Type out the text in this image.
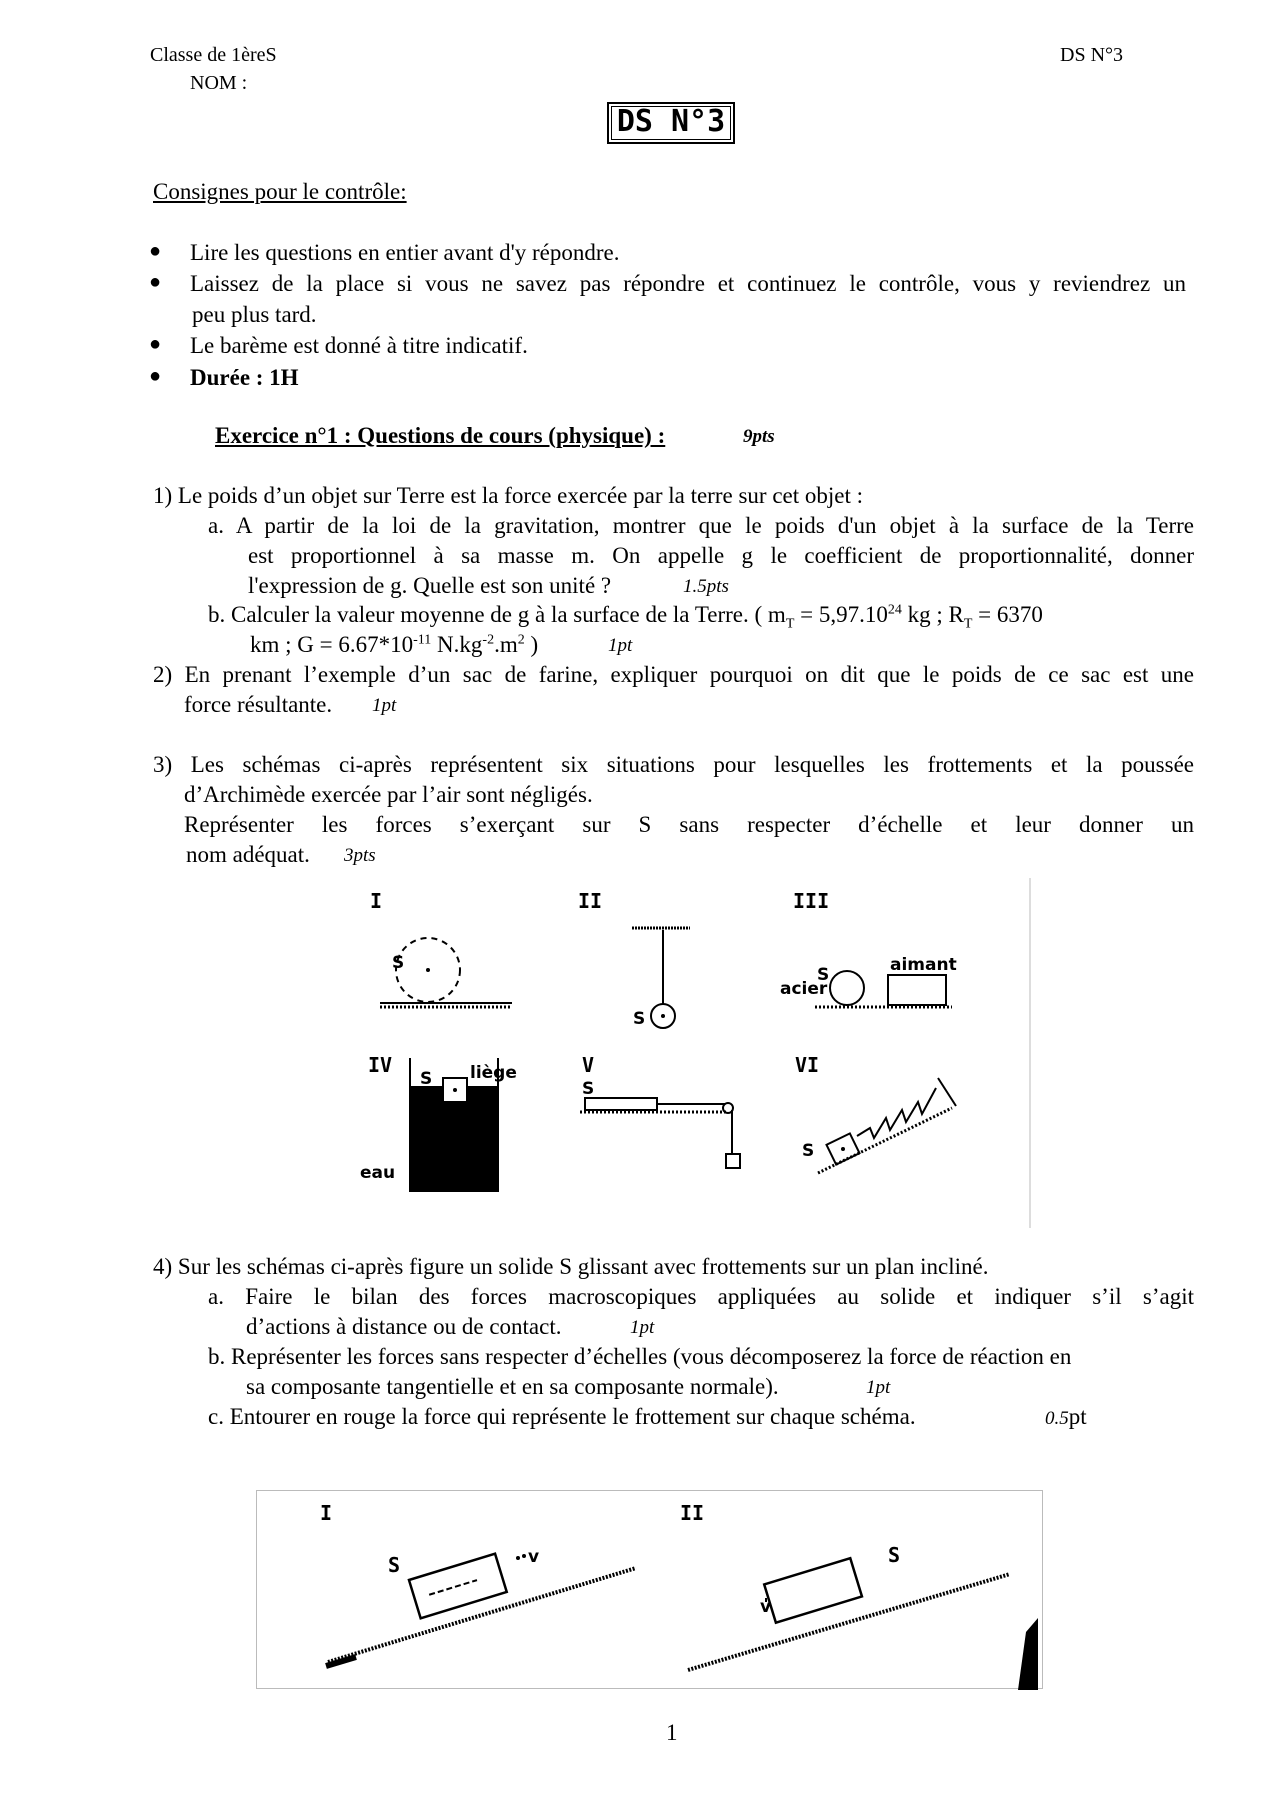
Classe de 1èreS	DS N°3
NOM :
DS N°3
Consignes pour le contrôle:
● Lire les questions en entier avant d'y répondre.
● Laissez de la place si vous ne savez pas répondre et continuez le contrôle, vous y reviendrez un
peu plus tard.
● Le barème est donné à titre indicatif.
● Durée : 1H
Exercice n°1 : Questions de cours (physique) :	9pts
1) Le poids d’un objet sur Terre est la force exercée par la terre sur cet objet :
a. A partir de la loi de la gravitation, montrer que le poids d'un objet à la surface de la Terre
est proportionnel à sa masse m. On appelle g le coefficient de proportionnalité, donner
l'expression de g. Quelle est son unité ?	1.5pts
b. Calculer la valeur moyenne de g à la surface de la Terre. ( $m_T = 5,97.10^{24}$ kg ; $R_T = 6370$
km ; $G = 6.67*10^{-11}$ $N.kg^{-2}.m^2$ )	1pt
2) En prenant l’exemple d’un sac de farine, expliquer pourquoi on dit que le poids de ce sac est une
force résultante. 1pt
3) Les schémas ci-après représentent six situations pour lesquelles les frottements et la poussée
d’Archimède exercée par l’air sont négligés.
Représenter les forces s’exerçant sur S sans respecter d’échelle et leur donner un
nom adéquat. 3pts
I	II	III
IV	V	VI
S
S
S
acier
aimant
S liège
eau
S
S
4) Sur les schémas ci-après figure un solide S glissant avec frottements sur un plan incliné.
a. Faire le bilan des forces macroscopiques appliquées au solide et indiquer s’il s’agit
d’actions à distance ou de contact.	1pt
b. Représenter les forces sans respecter d’échelles (vous décomposerez la force de réaction en
sa composante tangentielle et en sa composante normale).	1pt
c. Entourer en rouge la force qui représente le frottement sur chaque schéma.	0.5pt
I	II
S	v	S
v
1
